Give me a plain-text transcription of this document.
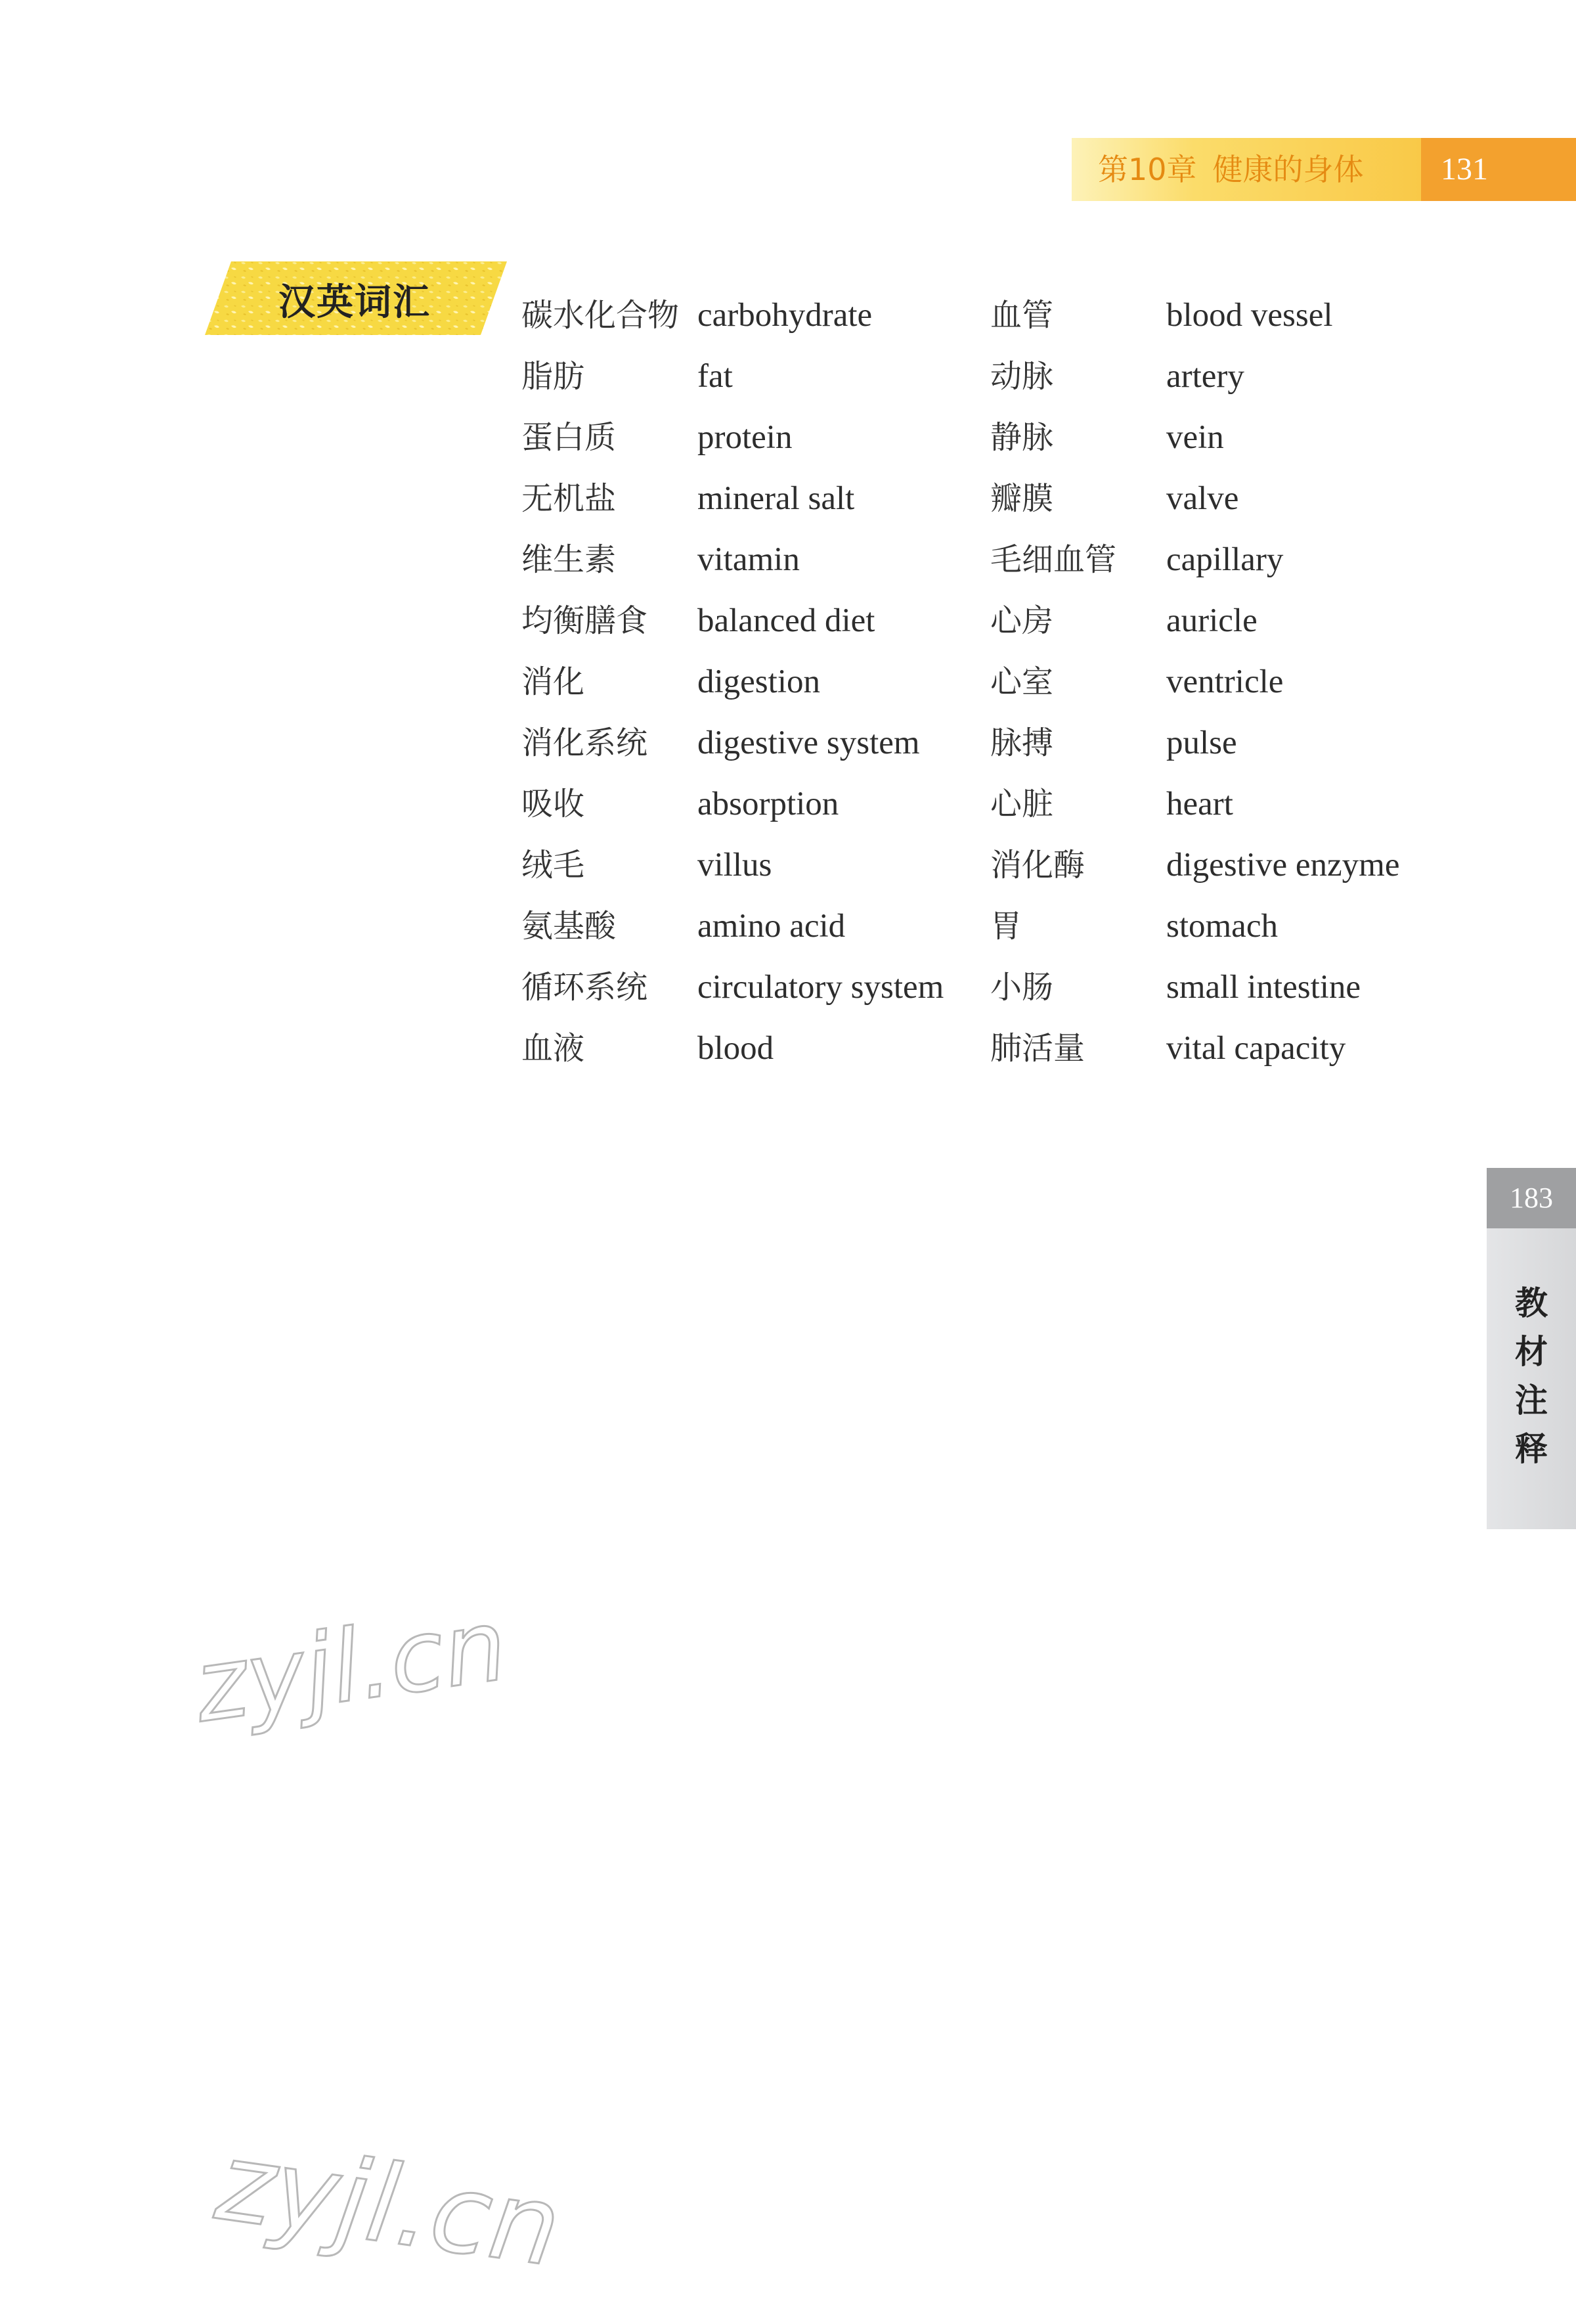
第10章 健康的身体	131
汉英词汇	碳水化合物 carbohydrate	血管	blood vessel
脂肪	fat	动脉	artery
蛋白质 protein	静脉	vein
无机盐 mineral salt	瓣膜	valve
维生素 vitamin	毛细血管 capillary
均衡膳食 balanced diet	心房	auricle
消化	digestion	心室	ventricle
消化系统 digestive system 脉搏	pulse
吸收	absorption	心脏	heart
绒毛	villus	消化酶 digestive enzyme
氨基酸 amino acid	胃	stomach
循环系统 circulatory system 小肠	small intestine
血液	blood	肺活量 vital capacity
183
教
材
注
释
zyjl.cn
zyjl.cn
